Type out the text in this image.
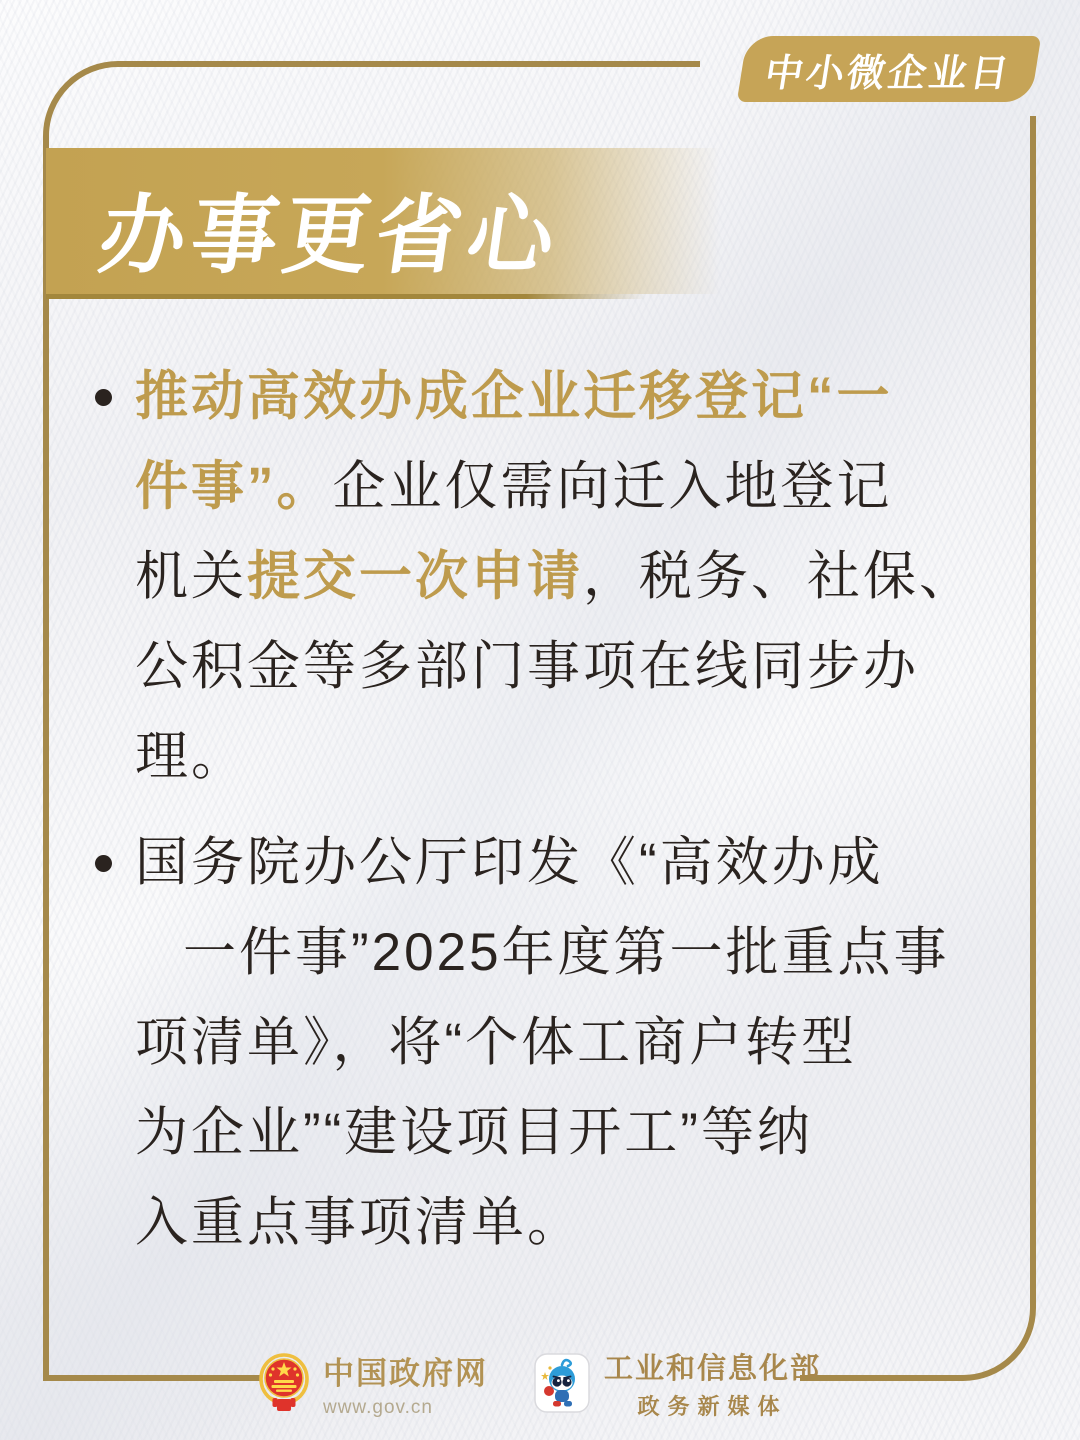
中小微企业日
办事更省心
推动高效办成企业迁移登记“一
件事”。企业仅需向迁入地登记
机关提交一次申请，税务、社保、
公积金等多部门事项在线同步办
理。
国务院办公厅印发《“高效办成
一件事”2025年度第一批重点事
项清单》，将“个体工商户转型
为企业”“建设项目开工”等纳
入重点事项清单。
中国政府网
www.gov.cn
工业和信息化部
政务新媒体
